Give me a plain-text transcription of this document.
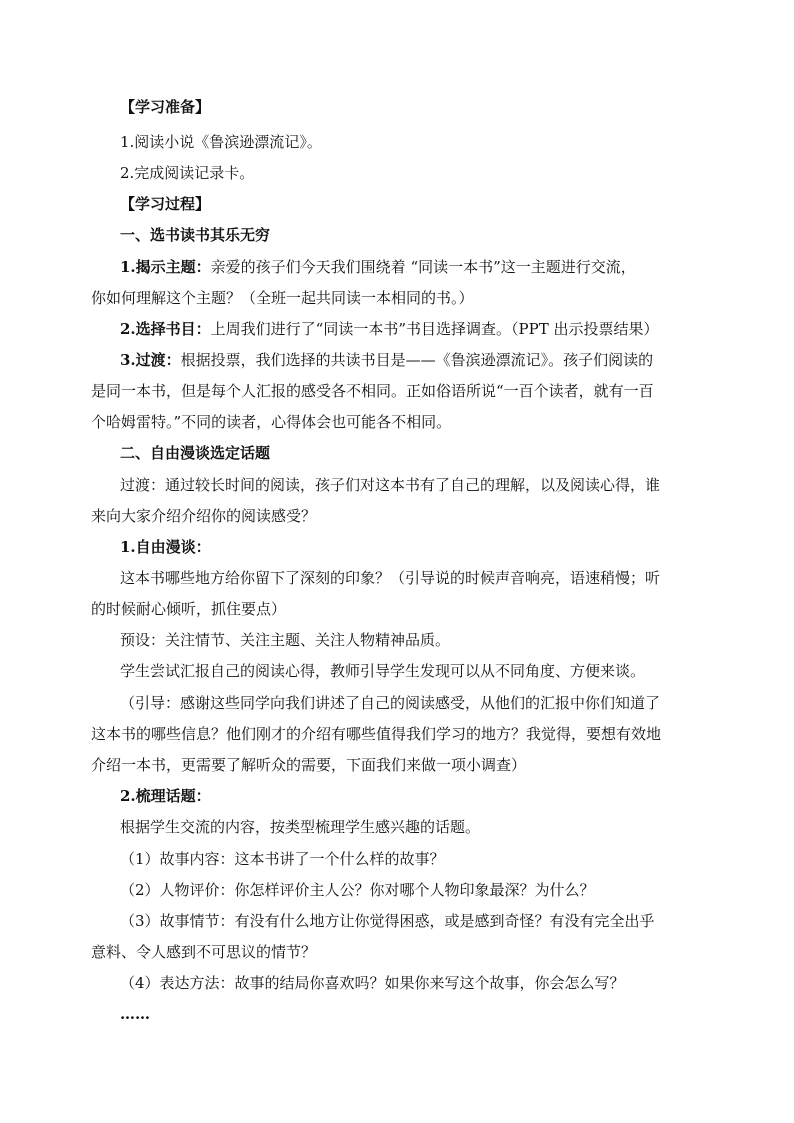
【学习准备】
1.阅读小说《鲁滨逊漂流记》。
2.完成阅读记录卡。
【学习过程】
一、选书读书其乐无穷
1.揭示主题：亲爱的孩子们今天我们围绕着 “同读一本书”这一主题进行交流，
你如何理解这个主题？（全班一起共同读一本相同的书。）
2.选择书目：上周我们进行了“同读一本书”书目选择调查。（PPT 出示投票结果）
3.过渡：根据投票，我们选择的共读书目是——《鲁滨逊漂流记》。孩子们阅读的
是同一本书，但是每个人汇报的感受各不相同。正如俗语所说“一百个读者，就有一百
个哈姆雷特。”不同的读者，心得体会也可能各不相同。
二、自由漫谈选定话题
过渡：通过较长时间的阅读，孩子们对这本书有了自己的理解，以及阅读心得，谁
来向大家介绍介绍你的阅读感受？
1.自由漫谈：
这本书哪些地方给你留下了深刻的印象？（引导说的时候声音响亮，语速稍慢；听
的时候耐心倾听，抓住要点）
预设：关注情节、关注主题、关注人物精神品质。
学生尝试汇报自己的阅读心得，教师引导学生发现可以从不同角度、方便来谈。
（引导：感谢这些同学向我们讲述了自己的阅读感受，从他们的汇报中你们知道了
这本书的哪些信息？他们刚才的介绍有哪些值得我们学习的地方？我觉得，要想有效地
介绍一本书，更需要了解听众的需要，下面我们来做一项小调查）
2.梳理话题：
根据学生交流的内容，按类型梳理学生感兴趣的话题。
（1）故事内容：这本书讲了一个什么样的故事？
（2）人物评价：你怎样评价主人公？你对哪个人物印象最深？为什么？
（3）故事情节：有没有什么地方让你觉得困惑，或是感到奇怪？有没有完全出乎
意料、令人感到不可思议的情节？
（4）表达方法：故事的结局你喜欢吗？如果你来写这个故事，你会怎么写？
……
